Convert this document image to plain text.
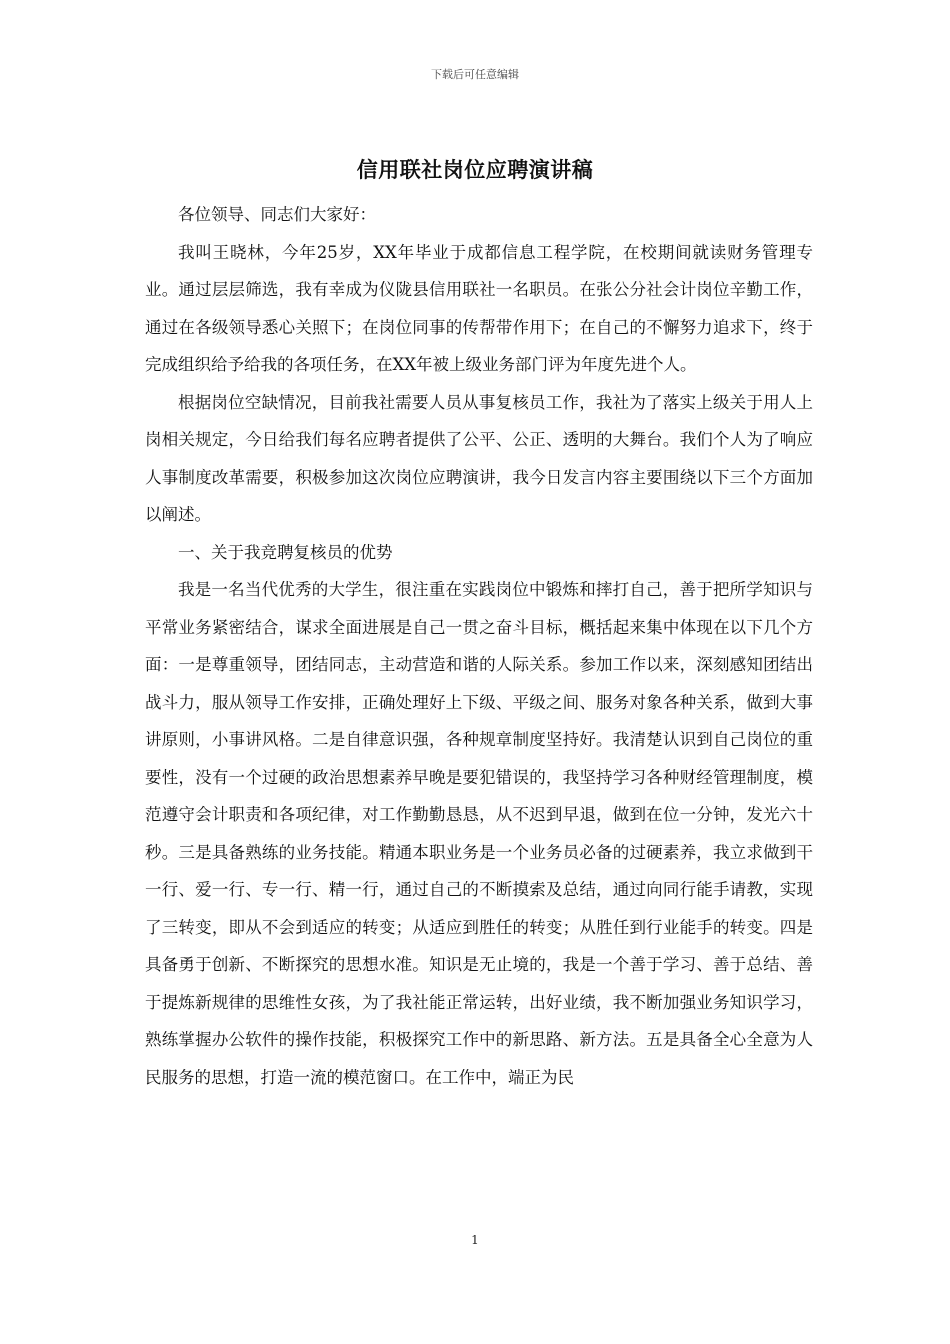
下载后可任意编辑
信用联社岗位应聘演讲稿

各位领导、同志们大家好：

我叫王晓林，今年25岁，XX年毕业于成都信息工程学院，在校期间就读财务管理专业。通过层层筛选，我有幸成为仪陇县信用联社一名职员。在张公分社会计岗位辛勤工作，通过在各级领导悉心关照下；在岗位同事的传帮带作用下；在自己的不懈努力追求下，终于完成组织给予给我的各项任务，在XX年被上级业务部门评为年度先进个人。

根据岗位空缺情况，目前我社需要人员从事复核员工作，我社为了落实上级关于用人上岗相关规定，今日给我们每名应聘者提供了公平、公正、透明的大舞台。我们个人为了响应人事制度改革需要，积极参加这次岗位应聘演讲，我今日发言内容主要围绕以下三个方面加以阐述。

一、关于我竞聘复核员的优势

我是一名当代优秀的大学生，很注重在实践岗位中锻炼和摔打自己，善于把所学知识与平常业务紧密结合，谋求全面进展是自己一贯之奋斗目标，概括起来集中体现在以下几个方面：一是尊重领导，团结同志，主动营造和谐的人际关系。参加工作以来，深刻感知团结出战斗力，服从领导工作安排，正确处理好上下级、平级之间、服务对象各种关系，做到大事讲原则，小事讲风格。二是自律意识强，各种规章制度坚持好。我清楚认识到自己岗位的重要性，没有一个过硬的政治思想素养早晚是要犯错误的，我坚持学习各种财经管理制度，模范遵守会计职责和各项纪律，对工作勤勤恳恳，从不迟到早退，做到在位一分钟，发光六十秒。三是具备熟练的业务技能。精通本职业务是一个业务员必备的过硬素养，我立求做到干一行、爱一行、专一行、精一行，通过自己的不断摸索及总结，通过向同行能手请教，实现了三转变，即从不会到适应的转变；从适应到胜任的转变；从胜任到行业能手的转变。四是具备勇于创新、不断探究的思想水准。知识是无止境的，我是一个善于学习、善于总结、善于提炼新规律的思维性女孩，为了我社能正常运转，出好业绩，我不断加强业务知识学习，熟练掌握办公软件的操作技能，积极探究工作中的新思路、新方法。五是具备全心全意为人民服务的思想，打造一流的模范窗口。在工作中，端正为民

1
